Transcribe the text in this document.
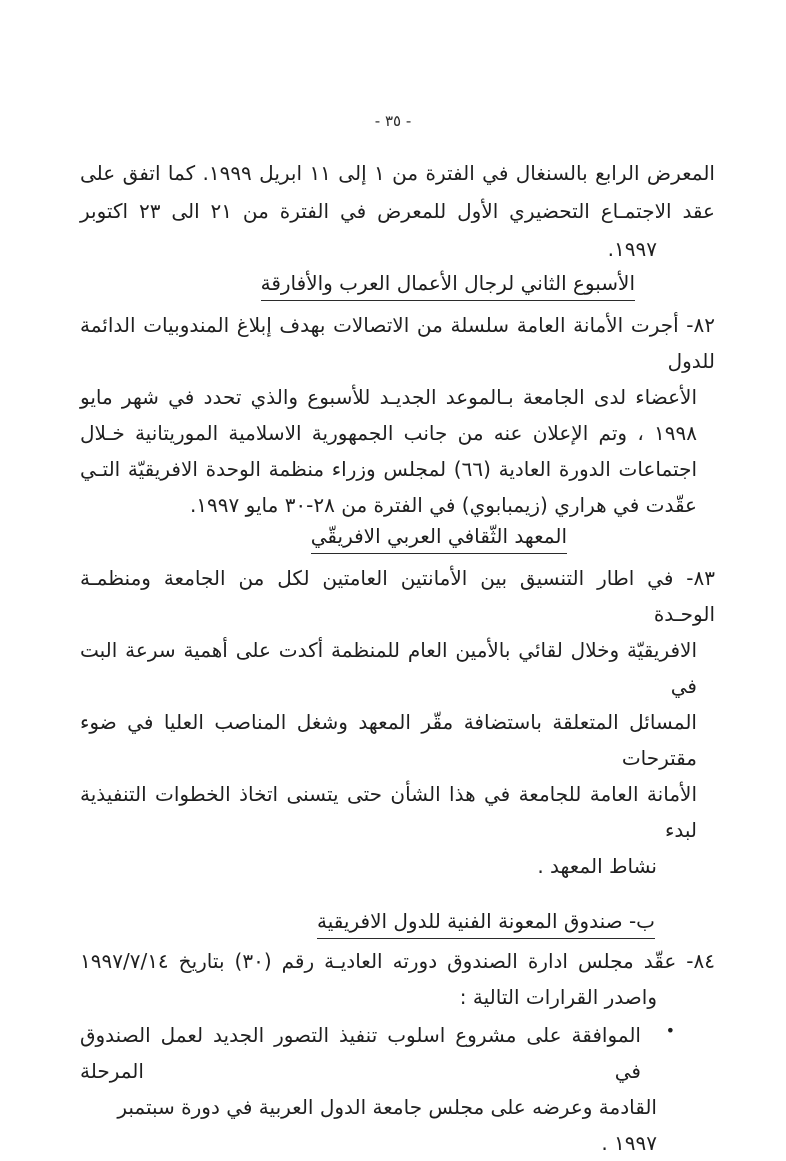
- ٣٥ -
المعرض الرابع بالسنغال في الفترة من ١ إلى ١١ ابريل ١٩٩٩. كما اتفق على
عقد الاجتمـاع التحضيري الأول للمعرض في الفترة من ٢١ الى ٢٣ اكتوبر
١٩٩٧.
الأسبوع الثاني لرجال الأعمال العرب والأفارقة
٨٢- أجرت الأمانة العامة سلسلة من الاتصالات بهدف إبلاغ المندوبيات الدائمة للدول
الأعضاء لدى الجامعة بـالموعد الجديـد للأسبوع والذي تحدد في شهر مايو
١٩٩٨ ، وتم الإعلان عنه من جانب الجمهورية الاسلامية الموريتانية خـلال
اجتماعات الدورة العادية (٦٦) لمجلس وزراء منظمة الوحدة الافريقيّة التـي
عقّدت في هراري (زيمبابوي) في الفترة من ٢٨-٣٠ مايو ١٩٩٧.
المعهد الثّقافي العربي الافريقّي
٨٣- في اطار التنسيق بين الأمانتين العامتين لكل من الجامعة ومنظمـة الوحـدة
الافريقيّة وخلال لقائي بالأمين العام للمنظمة أكدت على أهمية سرعة البت في
المسائل المتعلقة باستضافة مقّر المعهد وشغل المناصب العليا في ضوء مقترحات
الأمانة العامة للجامعة في هذا الشأن حتى يتسنى اتخاذ الخطوات التنفيذية لبدء
نشاط المعهد .
ب- صندوق المعونة الفنية للدول الافريقية
٨٤- عقّد مجلس ادارة الصندوق دورته العاديـة رقم (٣٠) بتاريخ ١٩٩٧/٧/١٤
واصدر القرارات التالية :
•
الموافقة على مشروع اسلوب تنفيذ التصور الجديد لعمل الصندوق في المرحلة
القادمة وعرضه على مجلس جامعة الدول العربية في دورة سبتمبر ١٩٩٧ .
